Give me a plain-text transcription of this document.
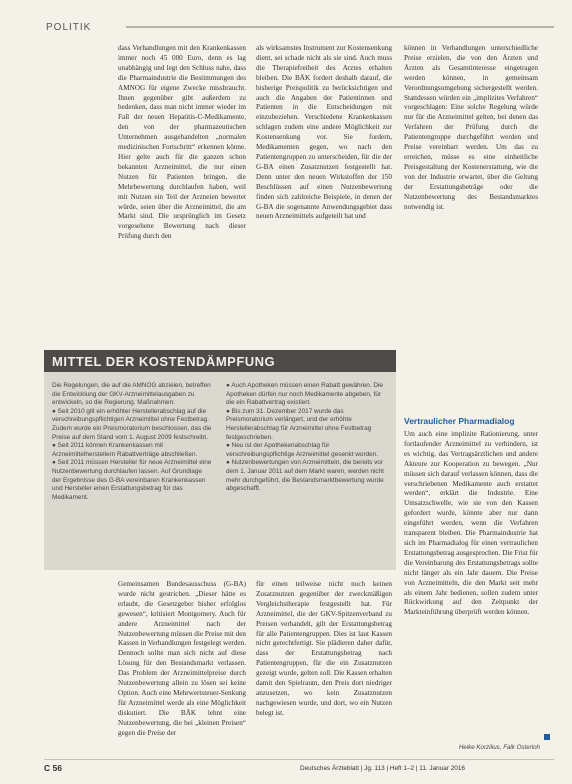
POLITIK

dass Verhandlungen mit den Krankenkassen immer noch 45 000 Euro, denn es lag unabhängig und legt den Schluss nahe, dass die Pharmaindustrie die Bestimmungen des AMNOG für eigene Zwecke missbraucht. Ihnen gegenüber gibt außerdem zu bedenken, dass man nicht immer wieder im Fall der neuen Hepatitis-C-Medikamente, den von der pharmazeutischen Unternehmen ausgehandelten „normalen medizinischen Fortschritt“ erkennen könne. Hier gelte auch für die ganzen schon bekannten Arzneimittel, die nur einen Nutzen für Patienten bringen, die Mehrbewertung durchlaufen haben, weil mit Nutzen ein Teil der Arzneien bewertet würde, seien über die Arzneimittel, die am Markt sind. Die ursprünglich im Gesetz vorgesehene Bewertung nach dieser Prüfung durch den

als wirksamstes Instrument zur Kostensenkung dient, sei schade nicht als sie sind. Auch muss die Therapiefreiheit des Arztes erhalten bleiben. Die BÄK fordert deshalb darauf, die bisherige Preispolitik zu berücksichtigen und auch die Angaben der Patientinnen und Patienten in die Entscheidungen mit einzubeziehen. Verschiedene Krankenkassen schlagen zudem eine andere Möglichkeit zur Kostensenkung vor. Sie fordern, Medikamenten gegen, wo nach den Patientengruppen zu unterscheiden, für die der G-BA einen Zusatznutzen festgestellt hat. Denn unter den neuen Wirkstoffen der 150 Beschlüssen auf einen Nutzenbewertung finden sich zahlreiche Beispiele, in denen der G-BA die sogenannte Anwendungsgebiet dass neuen Arzneimittels aufgeteilt hat und

können in Verhandlungen unterschiedliche Preise erzielen, die von den Ärzten und Ärzten als Gesamtinteresse eingetragen werden können, in gemeinsam Verordnungsumgebung sichergestellt werden. Stattdessen würden ein „implizites Verfahren“ vorgeschlagen: Eine solche Regelung würde nur für die Arzneimittel gelten, bei denen das Verfahren der Prüfung durch die Patientengruppe durchgeführt werden und Preise vereinbart werden. Um das zu erreichen, müsse es eine einheitliche Preisgestaltung der Kostenerstattung, wie die von der Industrie erwartet, über die Geltung der Erstattungsbeträge oder die Nutzenbewertung des Bestandsmarktes notwendig ist.

MITTEL DER KOSTENDÄMPFUNG
Die Regelungen, die auf die AMNOG abzielen, betreffen die Entwicklung der GKV-Arzneimittelausgaben zu entwickeln, so die Regierung. Maßnahmen:
● Seit 2010 gilt ein erhöhter Herstellerabschlag auf die verschreibungspflichtigen Arzneimittel ohne Festbetrag. Zudem wurde ein Preismoratorium beschlossen, das die Preise auf dem Stand vom 1. August 2009 festschreibt.
● Seit 2011 können Krankenkassen mit Arzneimittelherstellern Rabattverträge abschließen.
● Seit 2011 müssen Hersteller für neue Arzneimittel eine Nutzenbewertung durchlaufen lassen. Auf Grundlage der Ergebnisse des G-BA vereinbaren Krankenkassen und Hersteller einen Erstattungsbetrag für das Medikament.
● Auch Apotheken müssen einen Rabatt gewähren. Die Apotheken dürfen nur noch Medikamente abgeben, für die ein Rabattvertrag existiert.
● Bis zum 31. Dezember 2017 wurde das Preismoratorium verlängert, und der erhöhte Herstellerabschlag für Arzneimittel ohne Festbetrag festgeschrieben.
● Neu ist der Apothekenabschlag für verschreibungspflichtige Arzneimittel gesenkt worden.
● Nutzenbewertungen von Arzneimitteln, die bereits vor dem 1. Januar 2011 auf dem Markt waren, werden nicht mehr durchgeführt, die Bestandsmarktbewertung wurde abgeschafft.

Gemeinsamen Bundesausschuss (G-BA) wurde nicht gestrichen. „Dieser hätte es erlaubt, die Gesetzgeber bisher erfolglos gewesen“, kritisiert Montgomery. Auch für andere Arzneimittel nach der Nutzenbewertung müssen die Preise mit den Kassen in Verhandlungen festgelegt werden. Dennoch sollte man sich nicht auf diese Lösung für den Bestandsmarkt verlassen. Das Problem der Arzneimittelpreise durch Nutzenbewertung allein zu lösen sei keine Option. Auch eine Mehrwertsteuer-Senkung für Arzneimittel werde als eine Möglichkeit diskutiert. Die BÄK lehnt eine Nutzenbewertung, die bei „kleinen Preisen“ gegen die Preise der

für einen teilweise nicht noch keinen Zusatznutzen gegenüber der zweckmäßigen Vergleichstherapie festgestellt hat. Für Arzneimittel, die der GKV-Spitzenverband zu Preisen verhandelt, gilt der Erstattungsbetrag für alle Patientengruppen. Dies ist laut Kassen nicht gerechtfertigt. Sie plädieren daher dafür, dass der Erstattungsbetrag nach Patientengruppen, für die ein Zusatznutzen gezeigt wurde, gelten soll. Die Kassen erhalten damit den Spielraum, den Preis dort niedriger anzusetzen, wo kein Zusatznutzen nachgewiesen wurde, und dort, wo ein Nutzen belegt ist.

Vertraulicher Pharmadialog

Um auch eine implizite Rationierung, unter fortlaufender Arzneimittel zu verhindern, ist es wichtig, das Vertragsärztlichen und andere Akteure zur Kooperation zu bewegen. „Nur müssen sich darauf verlassen können, dass die verschriebenen Medikamente auch erstattet werden“, erklärt die Industrie. Eine Umsatzschwelle, wie sie von den Kassen gefordert wurde, könnte aber nur dann eingeführt werden, wenn die Verfahren transparent bleiben. Die Pharmaindustrie hat sich im Pharmadialog für einen vertraulichen Erstattungsbetrag ausgesprochen. Die Frist für die Vereinbarung des Erstattungsbetrags sollte nicht länger als ein Jahr dauern. Die Preise von Arzneimitteln, die den Markt seit mehr als einem Jahr bedienen, sollen zudem unter Rückwirkung auf den Zeitpunkt der Markteinführung überprüft werden können.

Heike Korzilius, Falk Osterloh
C 56	Deutsches Ärzteblatt | Jg. 113 | Heft 1–2 | 11. Januar 2016
